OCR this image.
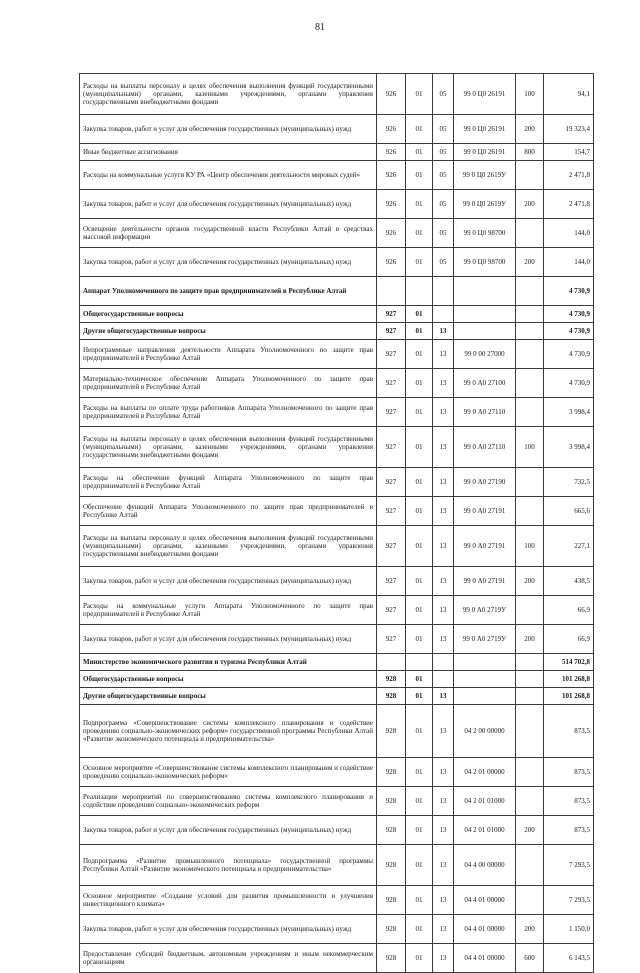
81
Расходы на выплаты персоналу в целях обеспечения выполнения функций государственными (муниципальными) органами, казенными учреждениями, органами управления государственными внебюджетными фондами	926	01	05	99 0 Ц0 26191	100	94,1
Закупка товаров, работ и услуг для обеспечения государственных (муниципальных) нужд	926	01	05	99 0 Ц0 26191	200	19 323,4
Иные бюджетные ассигнования	926	01	05	99 0 Ц0 26191	800	154,7
Расходы на коммунальные услуги КУ РА «Центр обеспечения деятельности мировых судей»	926	01	05	99 0 Ц0 2619У		2 471,8
Закупка товаров, работ и услуг для обеспечения государственных (муниципальных) нужд	926	01	05	99 0 Ц0 2619У	200	2 471,8
Освещение деятельности органов государственной власти Республики Алтай в средствах массовой информации	926	01	05	99 0 Ц0 98700		144,0
Закупка товаров, работ и услуг для обеспечения государственных (муниципальных) нужд	926	01	05	99 0 Ц0 98700	200	144,0
Аппарат Уполномоченного по защите прав предпринимателей в Республике Алтай						4 730,9
Общегосударственные вопросы	927	01				4 730,9
Другие общегосударственные вопросы	927	01	13			4 730,9
Непрограммные направления деятельности Аппарата Уполномоченного по защите прав предпринимателей в Республике Алтай	927	01	13	99 0 00 27000		4 730,9
Материально-техническое обеспечение Аппарата Уполномоченного по защите прав предпринимателей в Республике Алтай	927	01	13	99 0 А0 27100		4 730,9
Расходы на выплаты по оплате труда работников Аппарата Уполномоченного по защите прав предпринимателей в Республике Алтай	927	01	13	99 0 А0 27110		3 998,4
Расходы на выплаты персоналу в целях обеспечения выполнения функций государственными (муниципальными) органами, казенными учреждениями, органами управления государственными внебюджетными фондами	927	01	13	99 0 А0 27110	100	3 998,4
Расходы на обеспечение функций Аппарата Уполномоченного по защите прав предпринимателей в Республике Алтай	927	01	13	99 0 А0 27190		732,5
Обеспечение функций Аппарата Уполномоченного по защите прав предпринимателей в Республике Алтай	927	01	13	99 0 А0 27191		665,6
Расходы на выплаты персоналу в целях обеспечения выполнения функций государственными (муниципальными) органами, казенными учреждениями, органами управления государственными внебюджетными фондами	927	01	13	99 0 А0 27191	100	227,1
Закупка товаров, работ и услуг для обеспечения государственных (муниципальных) нужд	927	01	13	99 0 А0 27191	200	438,5
Расходы на коммунальные услуги Аппарата Уполномоченного по защите прав предпринимателей в Республике Алтай	927	01	13	99 0 А0 2719У		66,9
Закупка товаров, работ и услуг для обеспечения государственных (муниципальных) нужд	927	01	13	99 0 А0 2719У	200	66,9
Министерство экономического развития и туризма Республики Алтай						514 702,8
Общегосударственные вопросы	928	01				101 268,8
Другие общегосударственные вопросы	928	01	13			101 268,8
Подпрограмма «Совершенствование системы комплексного планирования и содействие проведению социально-экономических реформ» государственной программы Республики Алтай «Развитие экономического потенциала и предпринимательства»	928	01	13	04 2 00 00000		873,5
Основное мероприятие «Совершенствование системы комплексного планирования и содействие проведению социально-экономических реформ»	928	01	13	04 2 01 00000		873,5
Реализация мероприятий по совершенствованию системы комплексного планирования и содействие проведению социально-экономических реформ	928	01	13	04 2 01 01000		873,5
Закупка товаров, работ и услуг для обеспечения государственных (муниципальных) нужд	928	01	13	04 2 01 01000	200	873,5
Подпрограмма «Развитие промышленного потенциала» государственной программы Республики Алтай «Развитие экономического потенциала и предпринимательства»	928	01	13	04 4 00 00000		7 293,5
Основное мероприятие «Создание условий для развития промышленности и улучшения инвестиционного климата»	928	01	13	04 4 01 00000		7 293,5
Закупка товаров, работ и услуг для обеспечения государственных (муниципальных) нужд	928	01	13	04 4 01 00000	200	1 150,0
Предоставление субсидий бюджетным, автономным учреждениям и иным некоммерческим организациям	928	01	13	04 4 01 00000	600	6 143,5
